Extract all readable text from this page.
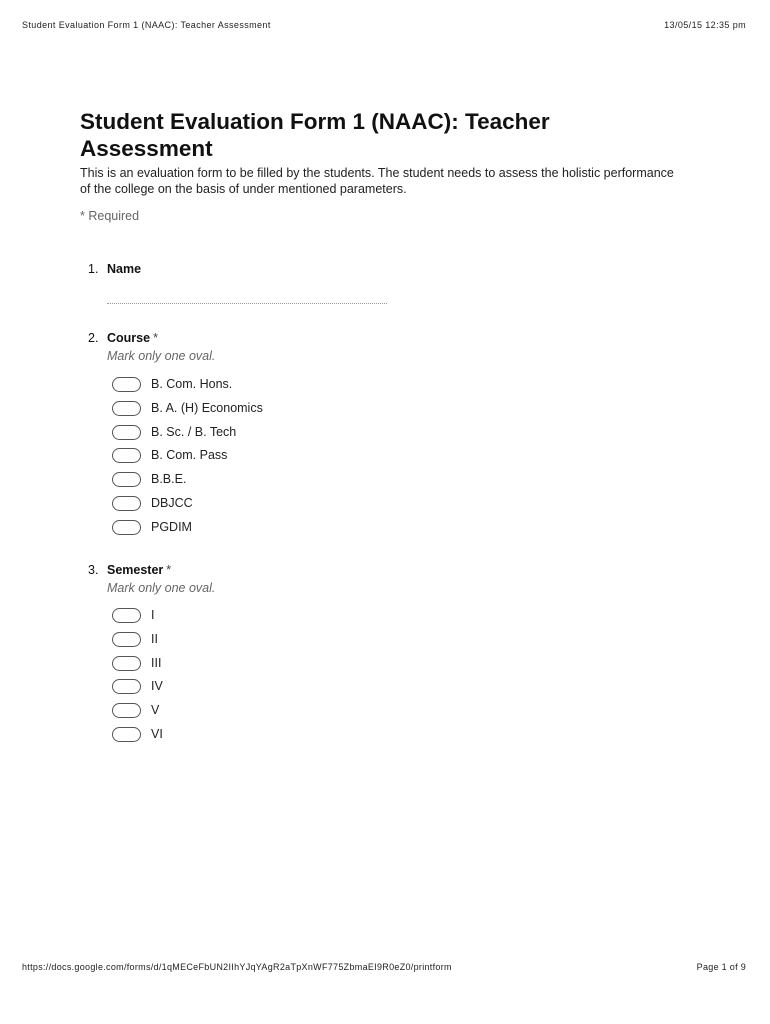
Student Evaluation Form 1 (NAAC): Teacher Assessment	13/05/15 12:35 pm
Student Evaluation Form 1 (NAAC): Teacher Assessment

This is an evaluation form to be filled by the students. The student needs to assess the holistic performance of the college on the basis of under mentioned parameters.

* Required
1. Name
2. Course *
Mark only one oval.
B. Com. Hons.
B. A. (H) Economics
B. Sc. / B. Tech
B. Com. Pass
B.B.E.
DBJCC
PGDIM
3. Semester *
Mark only one oval.
I
II
III
IV
V
VI
https://docs.google.com/forms/d/1qMECeFbUN2IIhYJqYAgR2aTpXnWF775ZbmaEI9R0eZ0/printform	Page 1 of 9
